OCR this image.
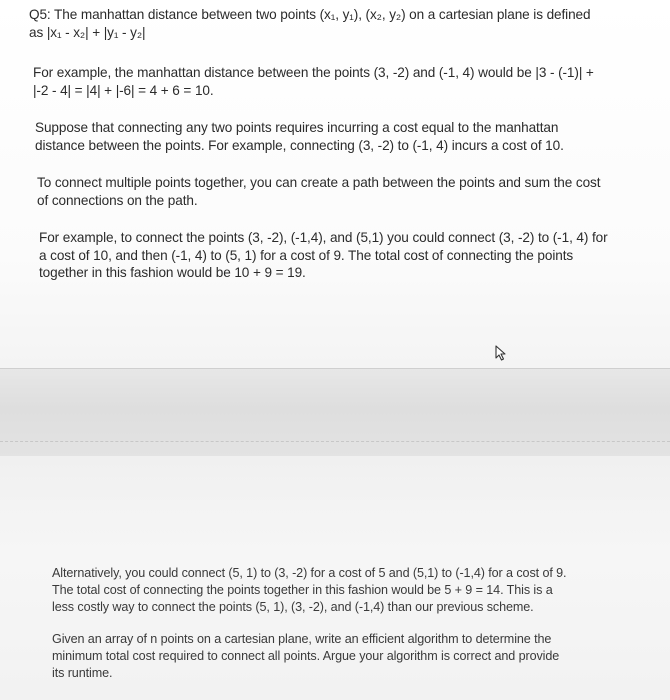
Q5: The manhattan distance between two points (x₁, y₁), (x₂, y₂) on a cartesian plane is defined
as |x₁ - x₂| + |y₁ - y₂|

For example, the manhattan distance between the points (3, -2) and (-1, 4) would be |3 - (-1)| +
|-2 - 4| = |4| + |-6| = 4 + 6 = 10.

Suppose that connecting any two points requires incurring a cost equal to the manhattan
distance between the points. For example, connecting (3, -2) to (-1, 4) incurs a cost of 10.

To connect multiple points together, you can create a path between the points and sum the cost
of connections on the path.

For example, to connect the points (3, -2), (-1,4), and (5,1) you could connect (3, -2) to (-1, 4) for
a cost of 10, and then (-1, 4) to (5, 1) for a cost of 9. The total cost of connecting the points
together in this fashion would be 10 + 9 = 19.

Alternatively, you could connect (5, 1) to (3, -2) for a cost of 5 and (5,1) to (-1,4) for a cost of 9.
The total cost of connecting the points together in this fashion would be 5 + 9 = 14. This is a
less costly way to connect the points (5, 1), (3, -2), and (-1,4) than our previous scheme.

Given an array of n points on a cartesian plane, write an efficient algorithm to determine the
minimum total cost required to connect all points. Argue your algorithm is correct and provide
its runtime.
